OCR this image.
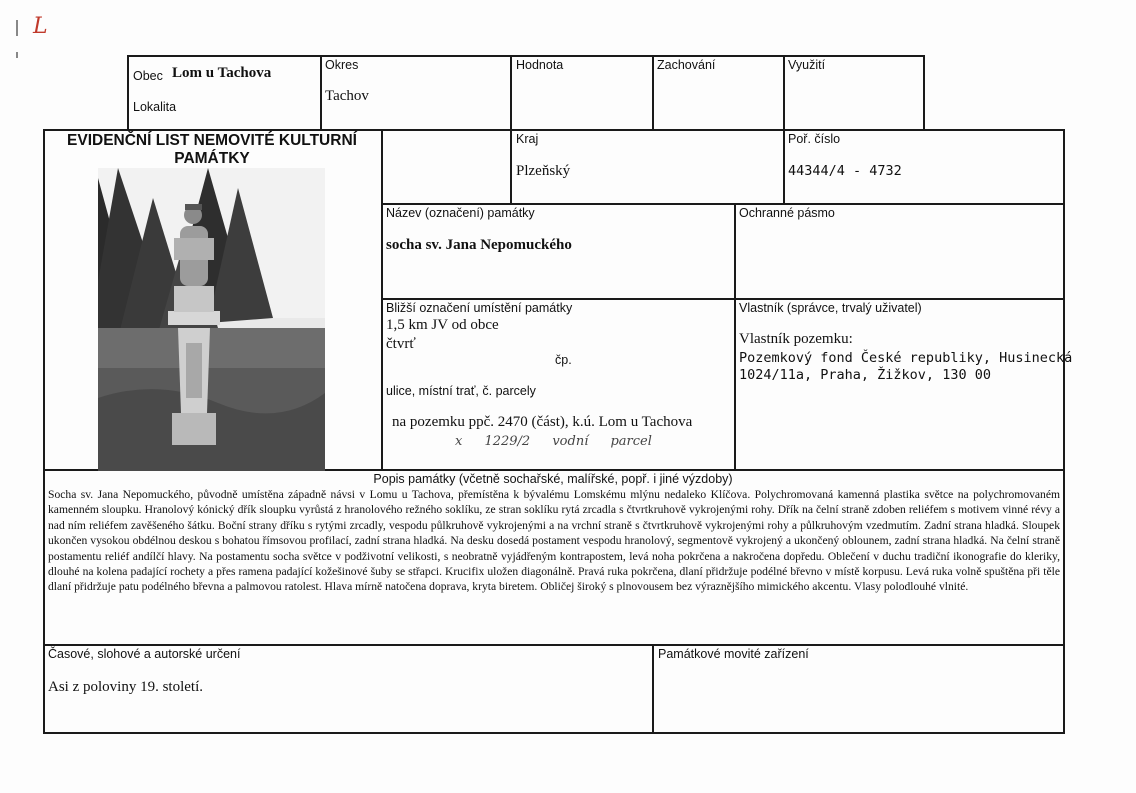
L
Obec Lom u Tachova
Lokalita
Okres
Tachov
Hodnota	Zachování	Využití
EVIDENČNÍ LIST NEMOVITÉ KULTURNÍ PAMÁTKY
Kraj
Plzeňský
Poř. číslo
44344/4 - 4732
Název (označení) památky
socha sv. Jana Nepomuckého
Ochranné pásmo
Bližší označení umístění památky
1,5 km JV od obce
čtvrť
čp.
ulice, místní trať, č. parcely
na pozemku ppč. 2470 (část), k.ú. Lom u Tachova
x 1229/2 vodní parcel
Vlastník (správce, trvalý uživatel)
Vlastník pozemku:
Pozemkový fond České republiky, Husinecká
1024/11a, Praha, Žižkov, 130 00
Popis památky (včetně sochařské, malířské, popř. i jiné výzdoby)
Socha sv. Jana Nepomuckého, původně umístěna západně návsi v Lomu u Tachova, přemístěna k bývalému Lomskému mlýnu nedaleko Klíčova. Polychromovaná kamenná plastika světce na polychromovaném kamenném sloupku. Hranolový kónický dřík sloupku vyrůstá z hranolového režného soklíku, ze stran soklíku rytá zrcadla s čtvrtkruhově vykrojenými rohy. Dřík na čelní straně zdoben reliéfem s motivem vinné révy a nad ním reliéfem zavěšeného šátku. Boční strany dříku s rytými zrcadly, vespodu půlkruhově vykrojenými a na vrchní straně s čtvrtkruhově vykrojenými rohy a půlkruhovým vzedmutím. Zadní strana hladká. Sloupek ukončen vysokou obdélnou deskou s bohatou římsovou profilací, zadní strana hladká. Na desku dosedá postament vespodu hranolový, segmentově vykrojený a ukončený oblounem, zadní strana hladká. Na čelní straně postamentu reliéf andílčí hlavy. Na postamentu socha světce v podživotní velikosti, s neobratně vyjádřeným kontrapostem, levá noha pokrčena a nakročena dopředu. Oblečení v duchu tradiční ikonografie do kleriky, dlouhé na kolena padající rochety a přes ramena padající kožešinové šuby se střapci. Krucifix uložen diagonálně. Pravá ruka pokrčena, dlaní přidržuje podélné břevno v místě korpusu. Levá ruka volně spuštěna při těle dlaní přidržuje patu podélného břevna a palmovou ratolest. Hlava mírně natočena doprava, kryta biretem. Obličej široký s plnovousem bez výraznějšího mimického akcentu. Vlasy polodlouhé vlnité.
Časové, slohové a autorské určení
Asi z poloviny 19. století.
Památkové movité zařízení
